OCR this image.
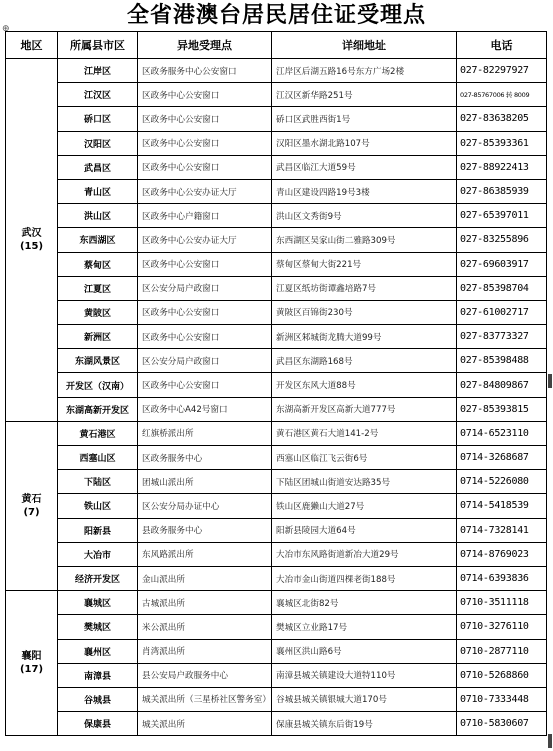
全省港澳台居民居住证受理点
⊕
地区	所属县市区	异地受理点	详细地址	电话

武汉
(15)	江岸区	区政务服务中心公安窗口	江岸区后湖五路16号东方广场2楼	027-82297927
	江汉区	区政务中心公安窗口	江汉区新华路251号	027-85767006 转 8009
	硚口区	区政务中心公安窗口	硚口区武胜西街1号	027-83638205
	汉阳区	区政务中心公安窗口	汉阳区墨水湖北路107号	027-85393361
	武昌区	区政务中心公安窗口	武昌区临江大道59号	027-88922413
	青山区	区政务中心公安办证大厅	青山区建设四路19号3楼	027-86385939
	洪山区	区政务中心户籍窗口	洪山区文秀街9号	027-65397011
	东西湖区	区政务中心公安办证大厅	东西湖区吴家山街二雅路309号	027-83255896
	蔡甸区	区政务中心公安窗口	蔡甸区蔡甸大街221号	027-69603917
	江夏区	区公安分局户政窗口	江夏区纸坊街谭鑫培路7号	027-85398704
	黄陂区	区政务中心公安窗口	黄陂区百锦街230号	027-61002717
	新洲区	区政务中心公安窗口	新洲区邾城街龙腾大道99号	027-83773327
	东湖风景区	区公安分局户政窗口	武昌区东湖路168号	027-85398488
	开发区（汉南）	区政务中心公安窗口	开发区东风大道88号	027-84809867
	东湖高新开发区	区政务中心A42号窗口	东湖高新开发区高新大道777号	027-85393815

黄石
(7)	黄石港区	红旗桥派出所	黄石港区黄石大道141-2号	0714-6523110
	西塞山区	区政务服务中心	西塞山区临江飞云街6号	0714-3268687
	下陆区	团城山派出所	下陆区团城山街道安达路35号	0714-5226080
	铁山区	区公安分局办证中心	铁山区鹿獭山大道27号	0714-5418539
	阳新县	县政务服务中心	阳新县陵园大道64号	0714-7328141
	大冶市	东风路派出所	大冶市东风路街道新冶大道29号	0714-8769023
	经济开发区	金山派出所	大冶市金山街道四棵老街188号	0714-6393836

襄阳
(17)	襄城区	古城派出所	襄城区北街82号	0710-3511118
	樊城区	米公派出所	樊城区立业路17号	0710-3276110
	襄州区	肖湾派出所	襄州区洪山路6号	0710-2877110
	南漳县	县公安局户政服务中心	南漳县城关镇建设大道特110号	0710-5268860
	谷城县	城关派出所（三星桥社区警务室）	谷城县城关镇银城大道170号	0710-7333448
	保康县	城关派出所	保康县城关镇东后街19号	0710-5830607
